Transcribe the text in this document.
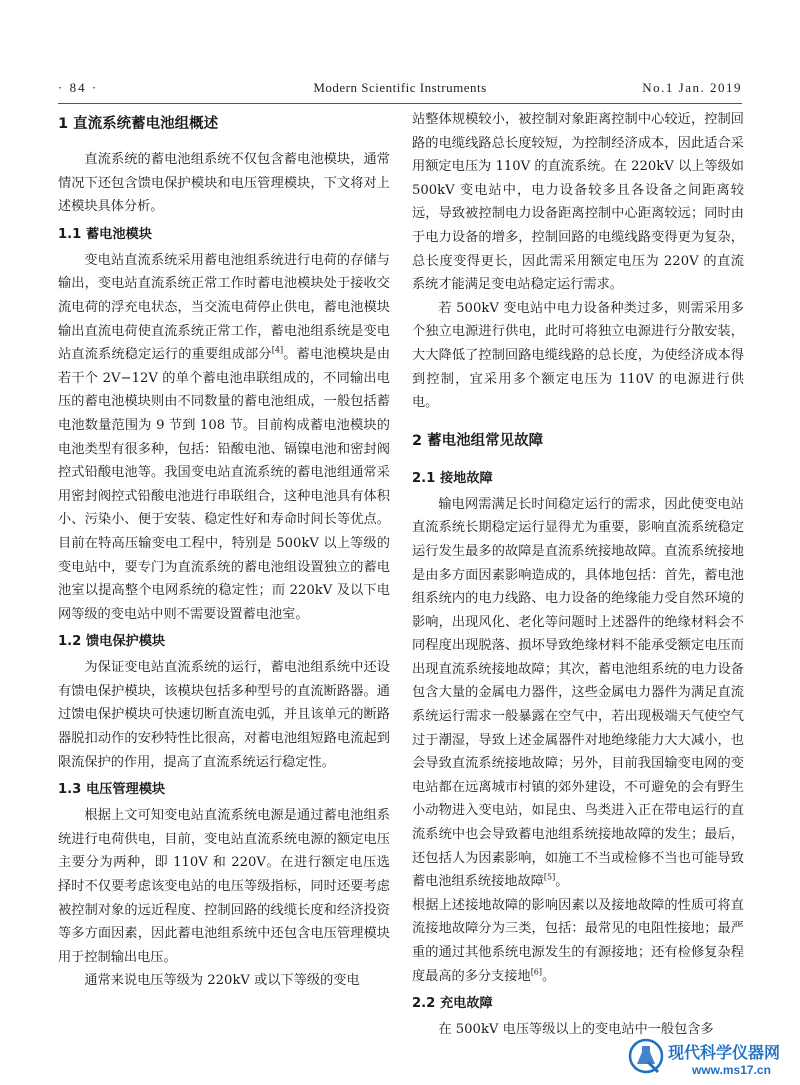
· 84 ·	Modern Scientific Instruments	No.1 Jan. 2019
1 直流系统蓄电池组概述

直流系统的蓄电池组系统不仅包含蓄电池模块，通常情况下还包含馈电保护模块和电压管理模块，下文将对上述模块具体分析。

1.1 蓄电池模块

变电站直流系统采用蓄电池组系统进行电荷的存储与输出，变电站直流系统正常工作时蓄电池模块处于接收交流电荷的浮充电状态，当交流电荷停止供电，蓄电池模块输出直流电荷使直流系统正常工作，蓄电池组系统是变电站直流系统稳定运行的重要组成部分[4]。蓄电池模块是由若干个 2V−12V 的单个蓄电池串联组成的，不同输出电压的蓄电池模块则由不同数量的蓄电池组成，一般包括蓄电池数量范围为 9 节到 108 节。目前构成蓄电池模块的电池类型有很多种，包括：铅酸电池、镉镍电池和密封阀控式铅酸电池等。我国变电站直流系统的蓄电池组通常采用密封阀控式铅酸电池进行串联组合，这种电池具有体积小、污染小、便于安装、稳定性好和寿命时间长等优点。目前在特高压输变电工程中，特别是 500kV 以上等级的变电站中，要专门为直流系统的蓄电池组设置独立的蓄电池室以提高整个电网系统的稳定性；而 220kV 及以下电网等级的变电站中则不需要设置蓄电池室。

1.2 馈电保护模块

为保证变电站直流系统的运行，蓄电池组系统中还设有馈电保护模块，该模块包括多种型号的直流断路器。通过馈电保护模块可快速切断直流电弧，并且该单元的断路器脱扣动作的安秒特性比很高，对蓄电池组短路电流起到限流保护的作用，提高了直流系统运行稳定性。

1.3 电压管理模块

根据上文可知变电站直流系统电源是通过蓄电池组系统进行电荷供电，目前，变电站直流系统电源的额定电压主要分为两种，即 110V 和 220V。在进行额定电压选择时不仅要考虑该变电站的电压等级指标，同时还要考虑被控制对象的远近程度、控制回路的线缆长度和经济投资等多方面因素，因此蓄电池组系统中还包含电压管理模块用于控制输出电压。

通常来说电压等级为 220kV 或以下等级的变电

站整体规模较小，被控制对象距离控制中心较近，控制回路的电缆线路总长度较短，为控制经济成本，因此适合采用额定电压为 110V 的直流系统。在 220kV 以上等级如 500kV 变电站中，电力设备较多且各设备之间距离较远，导致被控制电力设备距离控制中心距离较远；同时由于电力设备的增多，控制回路的电缆线路变得更为复杂，总长度变得更长，因此需采用额定电压为 220V 的直流系统才能满足变电站稳定运行需求。

若 500kV 变电站中电力设备种类过多，则需采用多个独立电源进行供电，此时可将独立电源进行分散安装，大大降低了控制回路电缆线路的总长度，为使经济成本得到控制，宜采用多个额定电压为 110V 的电源进行供电。

2 蓄电池组常见故障
2.1 接地故障

输电网需满足长时间稳定运行的需求，因此使变电站直流系统长期稳定运行显得尤为重要，影响直流系统稳定运行发生最多的故障是直流系统接地故障。直流系统接地是由多方面因素影响造成的，具体地包括：首先，蓄电池组系统内的电力线路、电力设备的绝缘能力受自然环境的影响，出现风化、老化等问题时上述器件的绝缘材料会不同程度出现脱落、损坏导致绝缘材料不能承受额定电压而出现直流系统接地故障；其次，蓄电池组系统的电力设备包含大量的金属电力器件，这些金属电力器件为满足直流系统运行需求一般暴露在空气中，若出现极端天气使空气过于潮湿，导致上述金属器件对地绝缘能力大大减小，也会导致直流系统接地故障；另外，目前我国输变电网的变电站都在远离城市村镇的郊外建设，不可避免的会有野生小动物进入变电站，如昆虫、鸟类进入正在带电运行的直流系统中也会导致蓄电池组系统接地故障的发生；最后，还包括人为因素影响，如施工不当或检修不当也可能导致蓄电池组系统接地故障[5]。

根据上述接地故障的影响因素以及接地故障的性质可将直流接地故障分为三类，包括：最常见的电阻性接地；最严重的通过其他系统电源发生的有源接地；还有检修复杂程度最高的多分支接地[6]。

2.2 充电故障

在 500kV 电压等级以上的变电站中一般包含多

现代科学仪器网
www.ms17.cn
